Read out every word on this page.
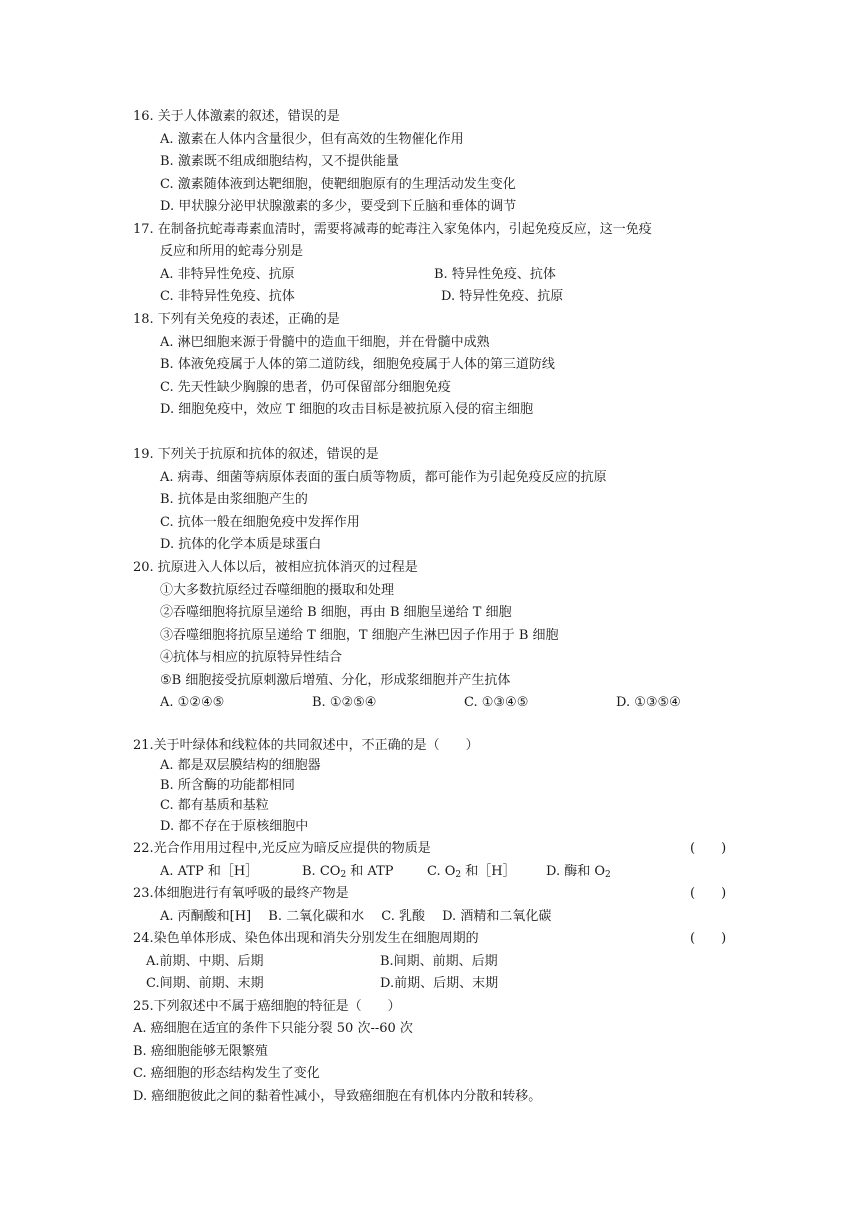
16. 关于人体激素的叙述，错误的是
A. 激素在人体内含量很少，但有高效的生物催化作用
B. 激素既不组成细胞结构，又不提供能量
C. 激素随体液到达靶细胞，使靶细胞原有的生理活动发生变化
D. 甲状腺分泌甲状腺激素的多少，要受到下丘脑和垂体的调节
17. 在制备抗蛇毒毒素血清时，需要将减毒的蛇毒注入家兔体内，引起免疫反应，这一免疫
反应和所用的蛇毒分别是
A. 非特异性免疫、抗原	B. 特异性免疫、抗体
C. 非特异性免疫、抗体	D. 特异性免疫、抗原
18. 下列有关免疫的表述，正确的是
A. 淋巴细胞来源于骨髓中的造血干细胞，并在骨髓中成熟
B. 体液免疫属于人体的第二道防线，细胞免疫属于人体的第三道防线
C. 先天性缺少胸腺的患者，仍可保留部分细胞免疫
D. 细胞免疫中，效应 T 细胞的攻击目标是被抗原入侵的宿主细胞
19. 下列关于抗原和抗体的叙述，错误的是
A. 病毒、细菌等病原体表面的蛋白质等物质，都可能作为引起免疫反应的抗原
B. 抗体是由浆细胞产生的
C. 抗体一般在细胞免疫中发挥作用
D. 抗体的化学本质是球蛋白
20. 抗原进入人体以后，被相应抗体消灭的过程是
①大多数抗原经过吞噬细胞的摄取和处理
②吞噬细胞将抗原呈递给 B 细胞，再由 B 细胞呈递给 T 细胞
③吞噬细胞将抗原呈递给 T 细胞，T 细胞产生淋巴因子作用于 B 细胞
④抗体与相应的抗原特异性结合
⑤B 细胞接受抗原刺激后增殖、分化，形成浆细胞并产生抗体
A. ①②④⑤	B. ①②⑤④	C. ①③④⑤	D. ①③⑤④
21.关于叶绿体和线粒体的共同叙述中，不正确的是（　　）
A. 都是双层膜结构的细胞器
B. 所含酶的功能都相同
C. 都有基质和基粒
D. 都不存在于原核细胞中
22.光合作用用过程中,光反应为暗反应提供的物质是	(　　)
A. ATP 和［H］	B. $CO_2$ 和 ATP	C. $O_2$ 和［H］ D. 酶和 $O_2$
23.体细胞进行有氧呼吸的最终产物是	(　　)
A. 丙酮酸和[H]　 B. 二氧化碳和水　 C. 乳酸　 D. 酒精和二氧化碳
24.染色单体形成、染色体出现和消失分别发生在细胞周期的	(　　)
A.前期、中期、后期	B.间期、前期、后期
C.间期、前期、末期	D.前期、后期、末期
25.下列叙述中不属于癌细胞的特征是（　　）
A. 癌细胞在适宜的条件下只能分裂 50 次--60 次
B. 癌细胞能够无限繁殖
C. 癌细胞的形态结构发生了变化
D. 癌细胞彼此之间的黏着性减小，导致癌细胞在有机体内分散和转移。
